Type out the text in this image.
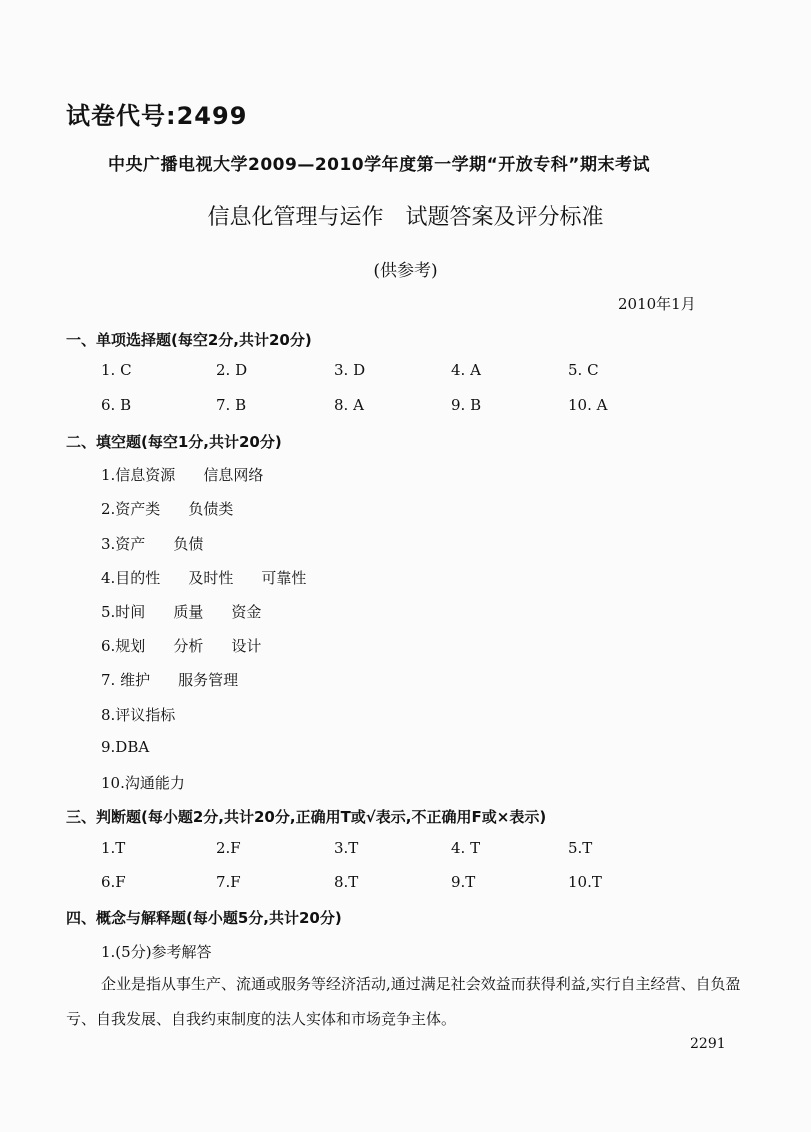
试卷代号:2499
中央广播电视大学2009—2010学年度第一学期“开放专科”期末考试
信息化管理与运作　试题答案及评分标准
(供参考)
2010年1月
一、单项选择题(每空2分,共计20分)
1. C	2. D	3. D	4. A	5. C
6. B	7. B	8. A	9. B	10. A
二、填空题(每空1分,共计20分)
1.信息资源 信息网络
2.资产类 负债类
3.资产 负债
4.目的性 及时性 可靠性
5.时间 质量 资金
6.规划 分析 设计
7. 维护 服务管理
8.评议指标
9.DBA
10.沟通能力
三、判断题(每小题2分,共计20分,正确用T或√表示,不正确用F或×表示)
1.T	2.F	3.T	4. T	5.T
6.F	7.F	8.T	9.T	10.T
四、概念与解释题(每小题5分,共计20分)
1.(5分)参考解答
企业是指从事生产、流通或服务等经济活动,通过满足社会效益而获得利益,实行自主经营、自负盈亏、自我发展、自我约束制度的法人实体和市场竞争主体。
2291
